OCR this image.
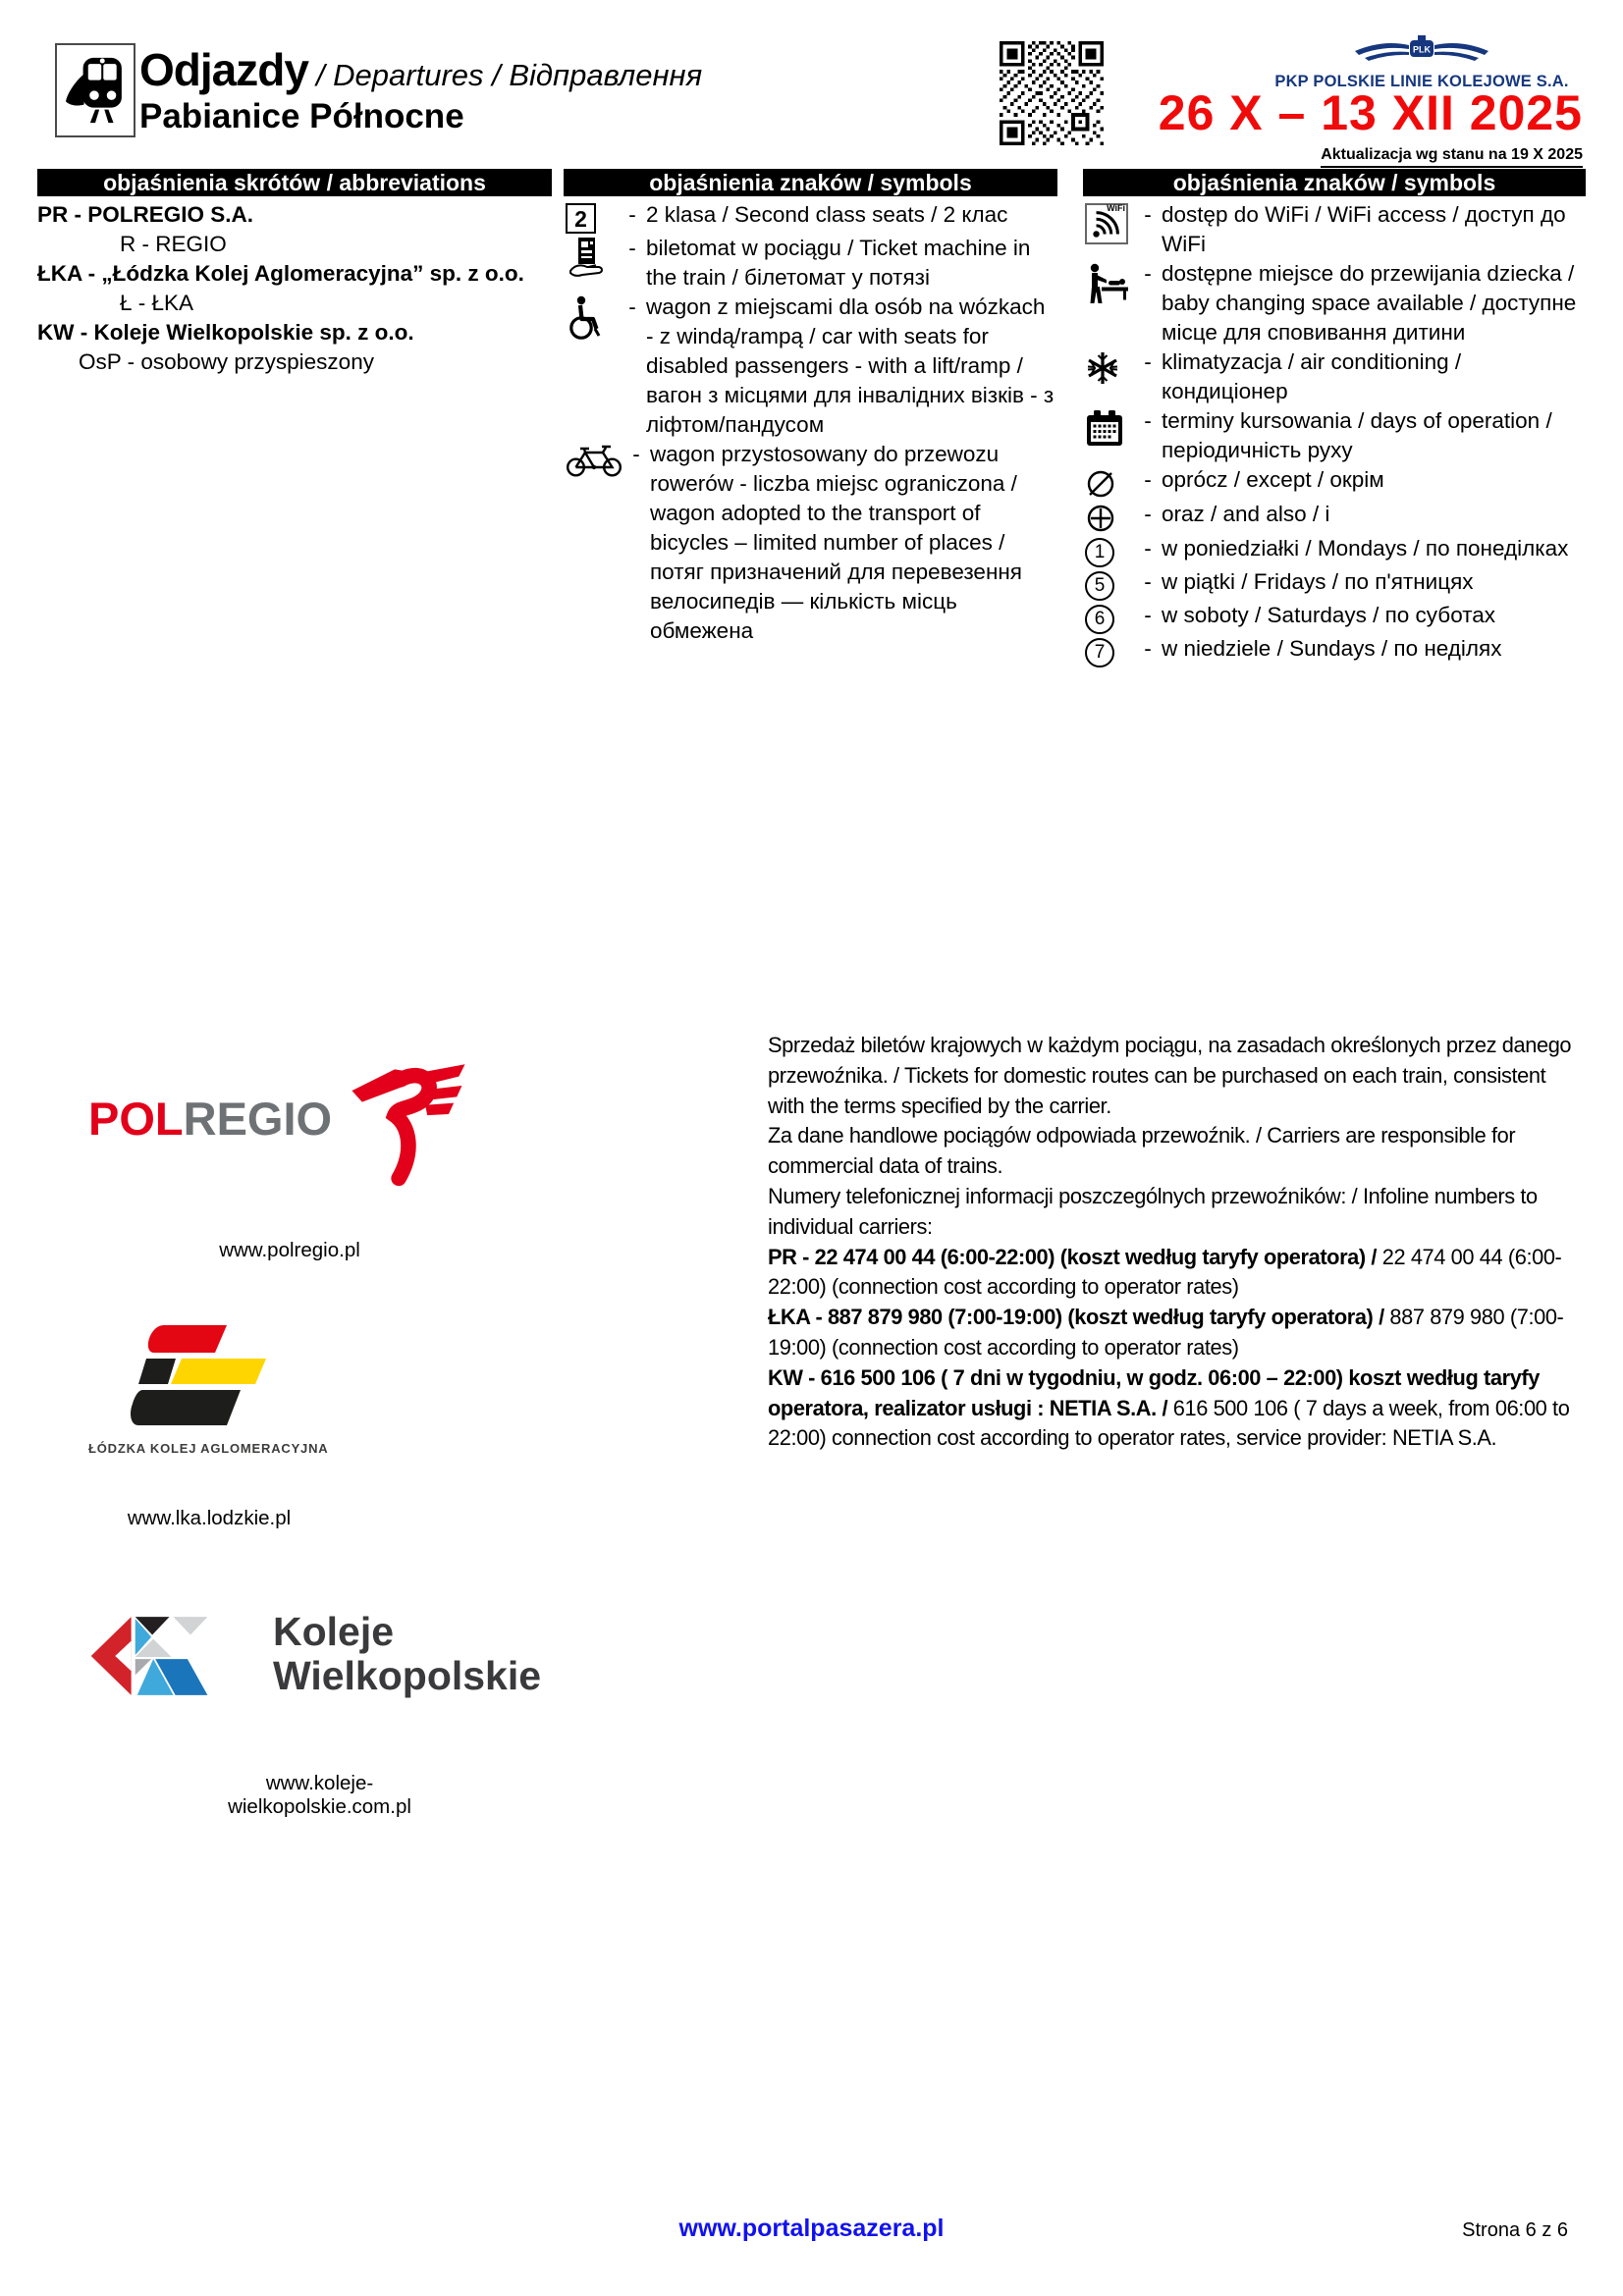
Odjazdy / Departures / Відправлення
Pabianice Północne
PLK
PKP POLSKIE LINIE KOLEJOWE S.A.
26 X – 13 XII 2025
Aktualizacja wg stanu na 19 X 2025
objaśnienia skrótów / abbreviations
PR - POLREGIO S.A.
R - REGIO
ŁKA - „Łódzka Kolej Aglomeracyjna” sp. z o.o.
Ł - ŁKA
KW - Koleje Wielkopolskie sp. z o.o.
OsP - osobowy przyspieszony
objaśnienia znaków / symbols
2	- 2 klasa / Second class seats / 2 клас
- biletomat w pociągu / Ticket machine in the train / білетомат у потязі
- wagon z miejscami dla osób na wózkach - z windą/rampą / car with seats for disabled passengers - with a lift/ramp / вагон з місцями для інвалідних візків - з ліфтом/пандусом
- wagon przystosowany do przewozu rowerów - liczba miejsc ograniczona / wagon adopted to the transport of bicycles – limited number of places / потяг призначений для перевезення велосипедів — кількість місць обмежена
objaśnienia znaków / symbols
WiFi - dostęp do WiFi / WiFi access / доступ до WiFi
- dostępne miejsce do przewijania dziecka / baby changing space available / доступне місце для сповивання дитини
- klimatyzacja / air conditioning / кондиціонер
- terminy kursowania / days of operation / періодичність руху
- oprócz / except / окрім
- oraz / and also / i
1	- w poniedziałki / Mondays / по понеділках
5	- w piątki / Fridays / по п'ятницях
6	- w soboty / Saturdays / по суботах
7	- w niedziele / Sundays / по неділях
POLREGIO
www.polregio.pl
ŁÓDZKA KOLEJ AGLOMERACYJNA
www.lka.lodzkie.pl
Koleje
Wielkopolskie
www.koleje-wielkopolskie.com.pl

Sprzedaż biletów krajowych w każdym pociągu, na zasadach określonych przez danego przewoźnika. / Tickets for domestic routes can be purchased on each train, consistent with the terms specified by the carrier.

Za dane handlowe pociągów odpowiada przewoźnik. / Carriers are responsible for commercial data of trains.

Numery telefonicznej informacji poszczególnych przewoźników: / Infoline numbers to individual carriers:

PR - 22 474 00 44 (6:00-22:00) (koszt według taryfy operatora) / 22 474 00 44 (6:00-22:00) (connection cost according to operator rates)

ŁKA - 887 879 980 (7:00-19:00) (koszt według taryfy operatora) / 887 879 980 (7:00-19:00) (connection cost according to operator rates)

KW - 616 500 106 ( 7 dni w tygodniu, w godz. 06:00 – 22:00) koszt według taryfy operatora, realizator usługi : NETIA S.A. / 616 500 106 ( 7 days a week, from 06:00 to 22:00) connection cost according to operator rates, service provider: NETIA S.A.

www.portalpasazera.pl	Strona 6 z 6
